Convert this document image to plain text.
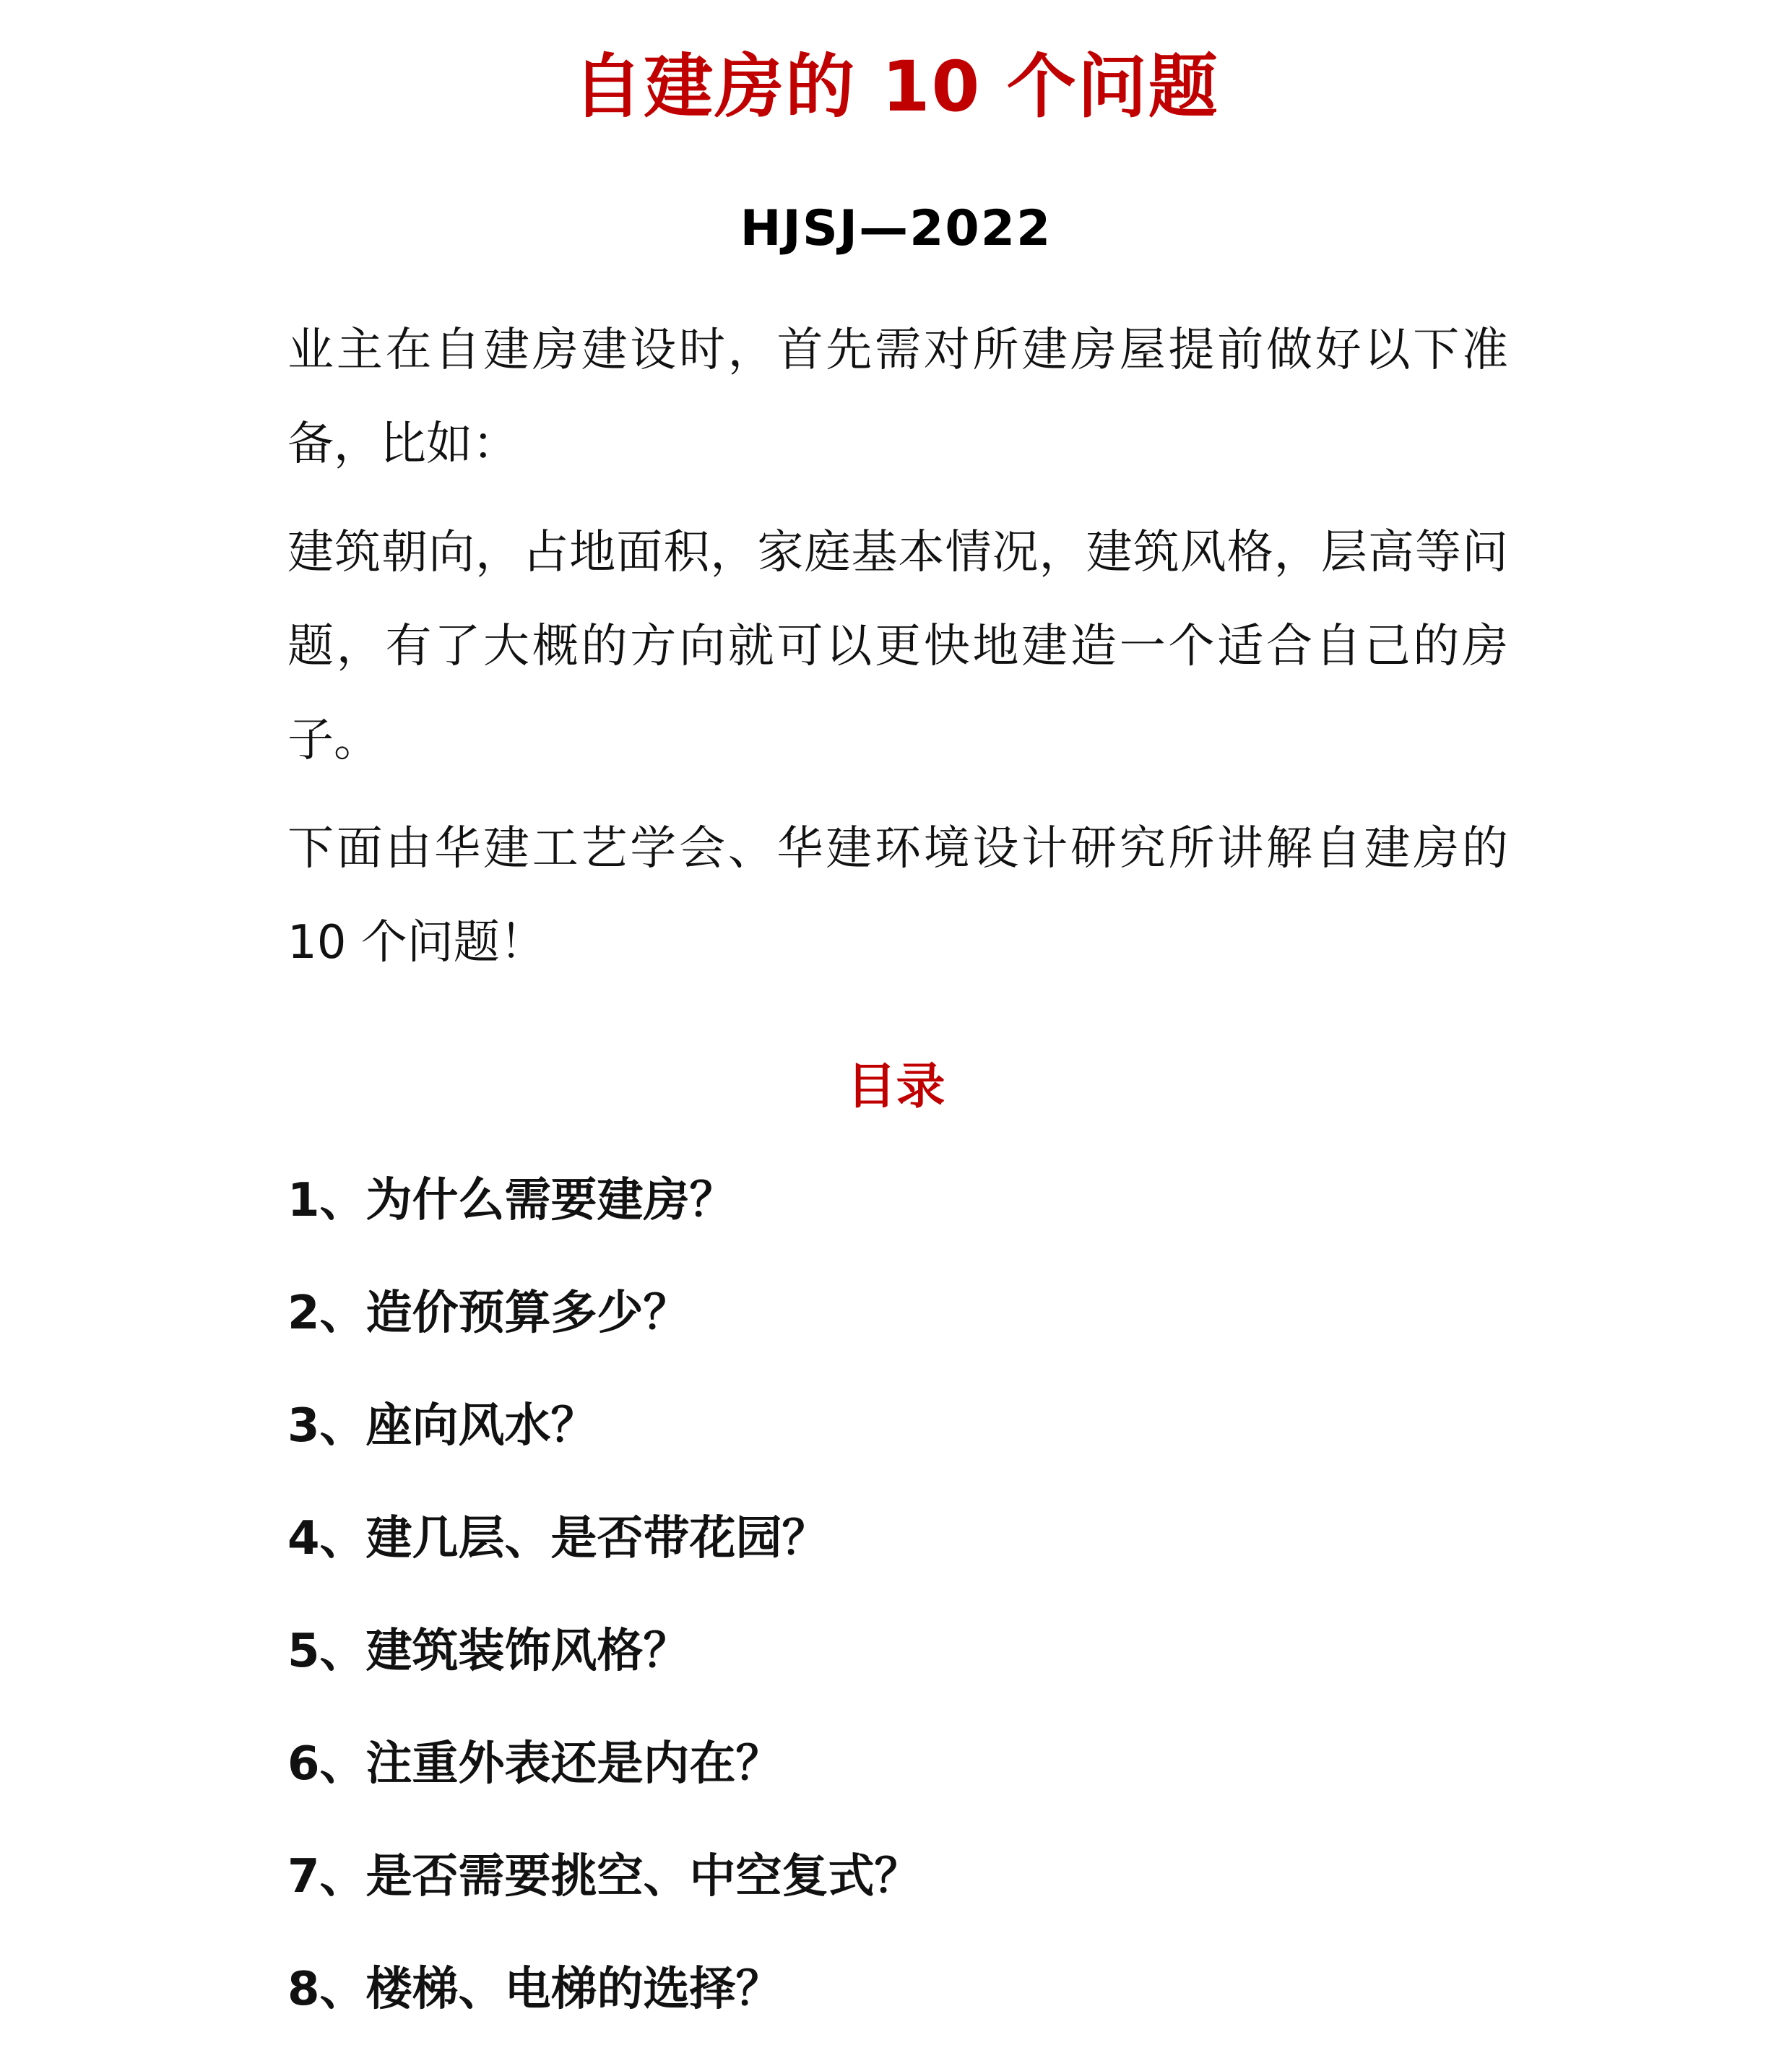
自建房的 10 个问题
HJSJ—2022

业主在自建房建设时，首先需对所建房屋提前做好以下准备，比如：

建筑朝向，占地面积，家庭基本情况，建筑风格，层高等问题，有了大概的方向就可以更快地建造一个适合自己的房子。

下面由华建工艺学会、华建环境设计研究所讲解自建房的 10 个问题！

目录
1、为什么需要建房？
2、造价预算多少？
3、座向风水？
4、建几层、是否带花园？
5、建筑装饰风格？
6、注重外表还是内在？
7、是否需要挑空、中空复式？
8、楼梯、电梯的选择？
